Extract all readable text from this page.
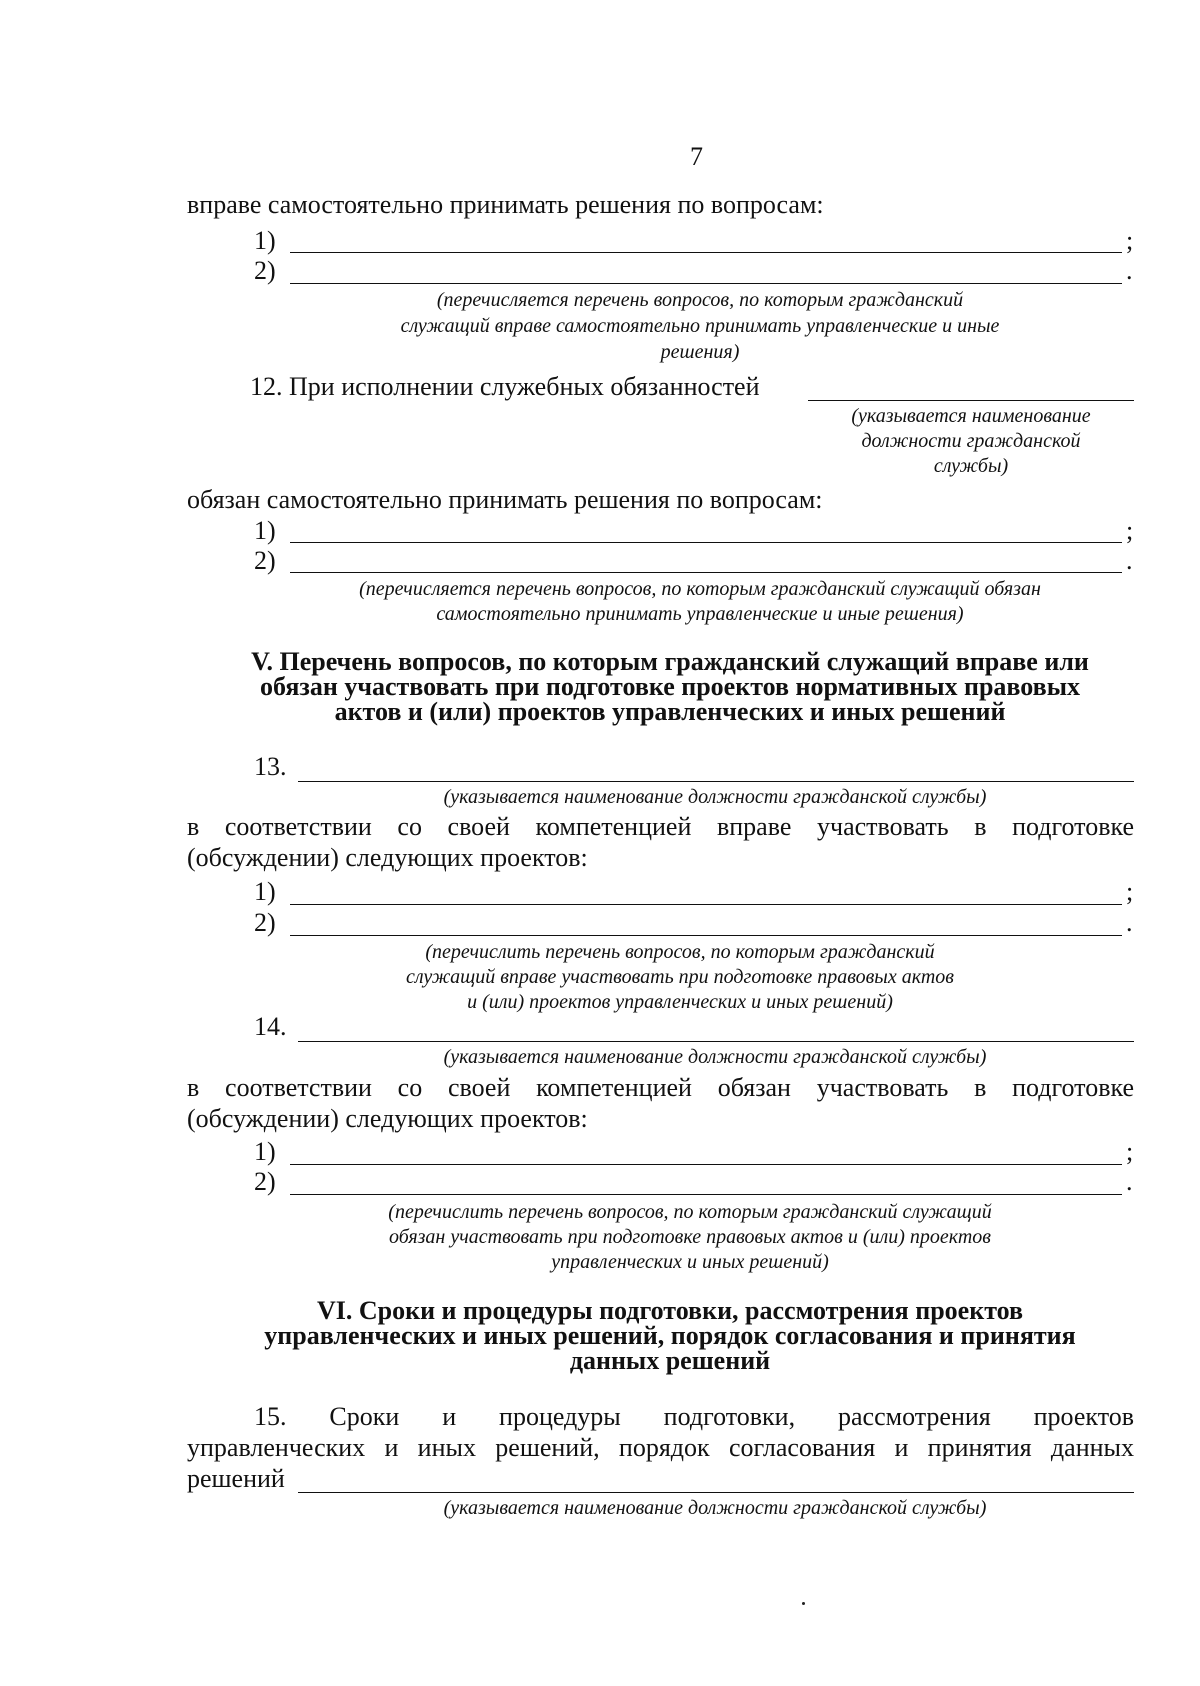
7
вправе самостоятельно принимать решения по вопросам:
1)	;
2)	.
(перечисляется перечень вопросов, по которым гражданский
служащий вправе самостоятельно принимать управленческие и иные
решения)
12. При исполнении служебных обязанностей
(указывается наименование
должности гражданской
службы)
обязан самостоятельно принимать решения по вопросам:
1)	;
2)	.
(перечисляется перечень вопросов, по которым гражданский служащий обязан
самостоятельно принимать управленческие и иные решения)
V. Перечень вопросов, по которым гражданский служащий вправе или
обязан участвовать при подготовке проектов нормативных правовых
актов и (или) проектов управленческих и иных решений
13.
(указывается наименование должности гражданской службы)
в соответствии со своей компетенцией вправе участвовать в подготовке
(обсуждении) следующих проектов:
1)	;
2)	.
(перечислить перечень вопросов, по которым гражданский
служащий вправе участвовать при подготовке правовых актов
и (или) проектов управленческих и иных решений)
14.
(указывается наименование должности гражданской службы)
в соответствии со своей компетенцией обязан участвовать в подготовке
(обсуждении) следующих проектов:
1)	;
2)	.
(перечислить перечень вопросов, по которым гражданский служащий
обязан участвовать при подготовке правовых актов и (или) проектов
управленческих и иных решений)
VI. Сроки и процедуры подготовки, рассмотрения проектов
управленческих и иных решений, порядок согласования и принятия
данных решений
15. Сроки и процедуры подготовки, рассмотрения проектов
управленческих и иных решений, порядок согласования и принятия данных
решений
(указывается наименование должности гражданской службы)
